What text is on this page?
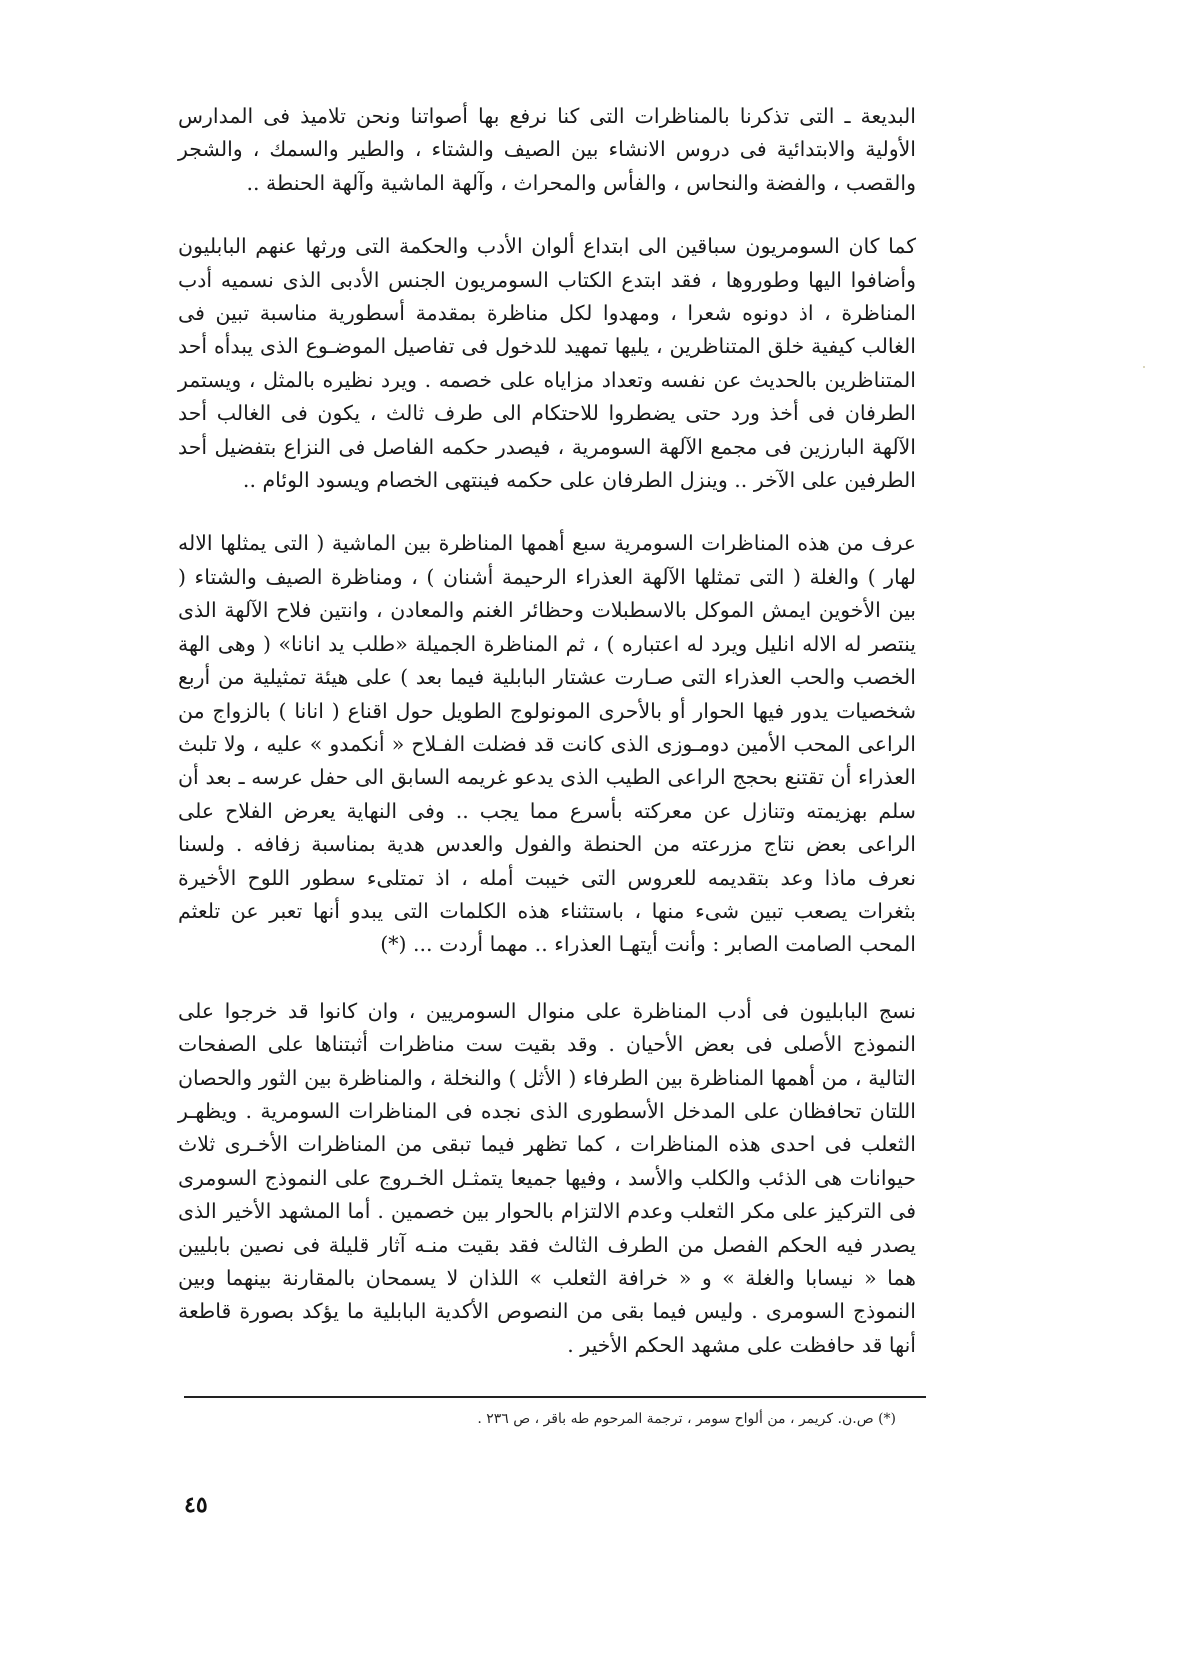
البديعة ـ التى تذكرنا بالمناظرات التى كنا نرفع بها أصواتنا ونحن تلاميذ فى المدارس الأولية والابتدائية فى دروس الانشاء بين الصيف والشتاء ، والطير والسمك ، والشجر والقصب ، والفضة والنحاس ، والفأس والمحراث ، وآلهة الماشية وآلهة الحنطة ..

كما كان السومريون سباقين الى ابتداع ألوان الأدب والحكمة التى ورثها عنهم البابليون وأضافوا اليها وطوروها ، فقد ابتدع الكتاب السومريون الجنس الأدبى الذى نسميه أدب المناظرة ، اذ دونوه شعرا ، ومهدوا لكل مناظرة بمقدمة أسطورية مناسبة تبين فى الغالب كيفية خلق المتناظرين ، يليها تمهيد للدخول فى تفاصيل الموضـوع الذى يبدأه أحد المتناظرين بالحديث عن نفسه وتعداد مزاياه على خصمه . ويرد نظيره بالمثل ، ويستمر الطرفان فى أخذ ورد حتى يضطروا للاحتكام الى طرف ثالث ، يكون فى الغالب أحد الآلهة البارزين فى مجمع الآلهة السومرية ، فيصدر حكمه الفاصل فى النزاع بتفضيل أحد الطرفين على الآخر .. وينزل الطرفان على حكمه فينتهى الخصام ويسود الوئام ..

عرف من هذه المناظرات السومرية سبع أهمها المناظرة بين الماشية ( التى يمثلها الاله لهار ) والغلة ( التى تمثلها الآلهة العذراء الرحيمة أشنان ) ، ومناظرة الصيف والشتاء ( بين الأخوين ايمش الموكل بالاسطبلات وحظائر الغنم والمعادن ، وانتين فلاح الآلهة الذى ينتصر له الاله انليل ويرد له اعتباره ) ، ثم المناظرة الجميلة «طلب يد انانا» ( وهى الهة الخصب والحب العذراء التى صـارت عشتار البابلية فيما بعد ) على هيئة تمثيلية من أربع شخصيات يدور فيها الحوار أو بالأحرى المونولوج الطويل حول اقناع ( انانا ) بالزواج من الراعى المحب الأمين دومـوزى الذى كانت قد فضلت الفـلاح « أنكمدو » عليه ، ولا تلبث العذراء أن تقتنع بحجج الراعى الطيب الذى يدعو غريمه السابق الى حفل عرسه ـ بعد أن سلم بهزيمته وتنازل عن معركته بأسرع مما يجب .. وفى النهاية يعرض الفلاح على الراعى بعض نتاج مزرعته من الحنطة والفول والعدس هدية بمناسبة زفافه . ولسنا نعرف ماذا وعد بتقديمه للعروس التى خيبت أمله ، اذ تمتلىء سطور اللوح الأخيرة بثغرات يصعب تبين شىء منها ، باستثناء هذه الكلمات التى يبدو أنها تعبر عن تلعثم المحب الصامت الصابر : وأنت أيتهـا العذراء .. مهما أردت ... (*)

نسج البابليون فى أدب المناظرة على منوال السومريين ، وان كانوا قد خرجوا على النموذج الأصلى فى بعض الأحيان . وقد بقيت ست مناظرات أثبتناها على الصفحات التالية ، من أهمها المناظرة بين الطرفاء ( الأثل ) والنخلة ، والمناظرة بين الثور والحصان اللتان تحافظان على المدخل الأسطورى الذى نجده فى المناظرات السومرية . ويظهـر الثعلب فى احدى هذه المناظرات ، كما تظهر فيما تبقى من المناظرات الأخـرى ثلاث حيوانات هى الذئب والكلب والأسد ، وفيها جميعا يتمثـل الخـروج على النموذج السومرى فى التركيز على مكر الثعلب وعدم الالتزام بالحوار بين خصمين . أما المشهد الأخير الذى يصدر فيه الحكم الفصل من الطرف الثالث فقد بقيت منـه آثار قليلة فى نصين بابليين هما « نيسابا والغلة » و « خرافة الثعلب » اللذان لا يسمحان بالمقارنة بينهما وبين النموذج السومرى . وليس فيما بقى من النصوص الأكدية البابلية ما يؤكد بصورة قاطعة أنها قد حافظت على مشهد الحكم الأخير .

(*) ص.ن. كريمر ، من ألواح سومر ، ترجمة المرحوم طه باقر ، ص ٢٣٦ .
٤٥
